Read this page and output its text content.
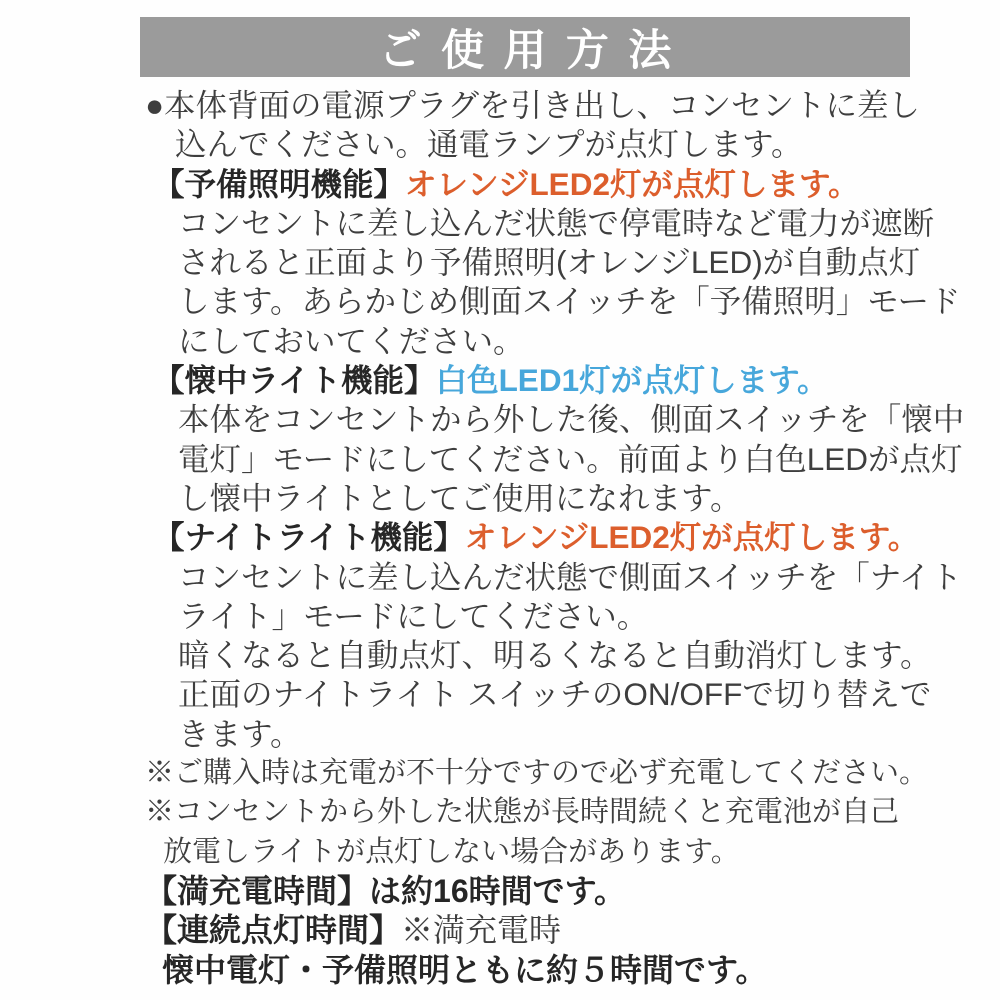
ご使用方法
●本体背面の電源プラグを引き出し、コンセントに差し
込んでください。通電ランプが点灯します。
【予備照明機能】オレンジLED2灯が点灯します。
コンセントに差し込んだ状態で停電時など電力が遮断
されると正面より予備照明(オレンジLED)が自動点灯
します。あらかじめ側面スイッチを「予備照明」モード
にしておいてください。
【懐中ライト機能】白色LED1灯が点灯します。
本体をコンセントから外した後、側面スイッチを「懐中
電灯」モードにしてください。前面より白色LEDが点灯
し懐中ライトとしてご使用になれます。
【ナイトライト機能】オレンジLED2灯が点灯します。
コンセントに差し込んだ状態で側面スイッチを「ナイト
ライト」モードにしてください。
暗くなると自動点灯、明るくなると自動消灯します。
正面のナイトライト スイッチのON/OFFで切り替えで
きます。
※ご購入時は充電が不十分ですので必ず充電してください。
※コンセントから外した状態が長時間続くと充電池が自己
放電しライトが点灯しない場合があります。
【満充電時間】は約16時間です。
【連続点灯時間】※満充電時
懐中電灯・予備照明ともに約５時間です。
